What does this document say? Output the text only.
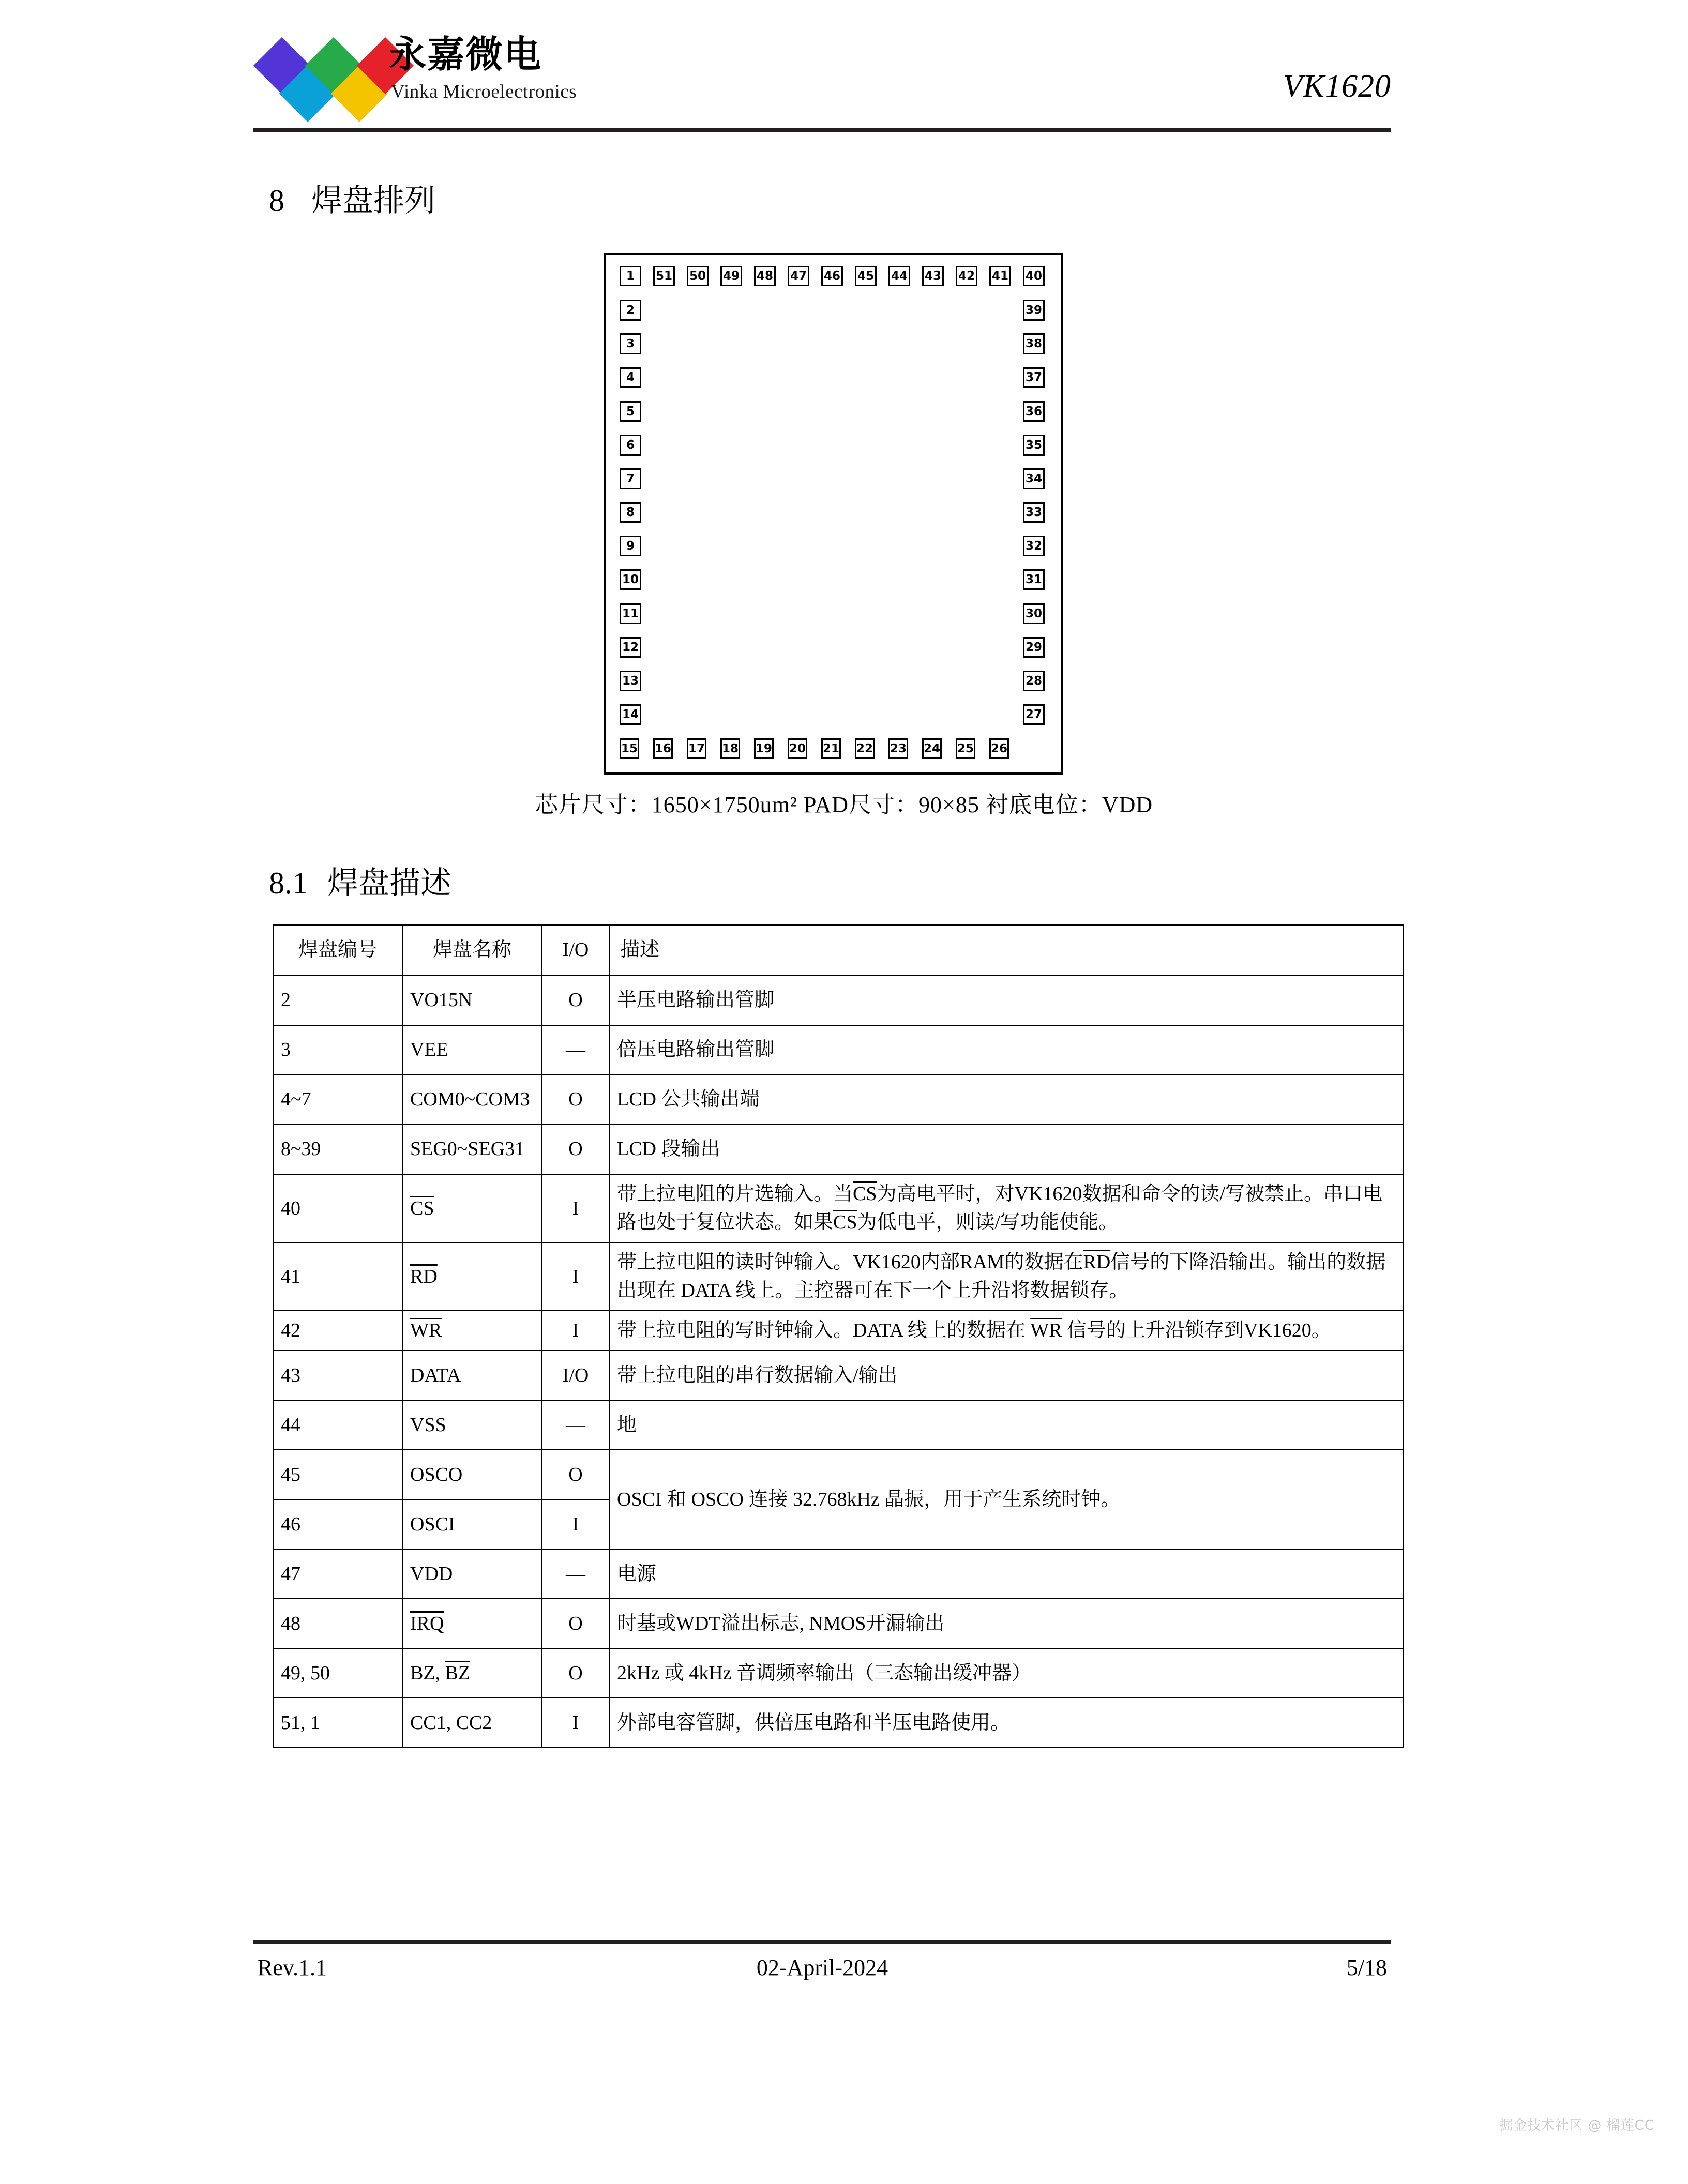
永嘉微电
Vinka Microelectronics	VK1620
8 焊盘排列
1	51 50 49 48 47 46 45 44 43 42 41 40
15 16 17 18 19 20 21 22 23 24 25 26
2
3
4
5
6
7
8
9
10
11
12
13
14
39
38
37
36
35
34
33
32
31
30
29
28
27
芯片尺寸：1650×1750um² PAD尺寸：90×85 衬底电位：VDD
8.1 焊盘描述
焊盘编号	焊盘名称	I/O	描述
2	VO15N	O	半压电路输出管脚
3	VEE	—	倍压电路输出管脚
4~7	COM0~COM3	O	LCD 公共输出端
8~39	SEG0~SEG31	O	LCD 段输出
40	$\overline{CS}$	I	带上拉电阻的片选输入。当$\overline{CS}$为高电平时，对VK1620数据和命令的读/写被禁止。串口电路也处于复位状态。如果$\overline{CS}$为低电平，则读/写功能使能。
41	$\overline{RD}$	I	带上拉电阻的读时钟输入。VK1620内部RAM的数据在$\overline{RD}$信号的下降沿输出。输出的数据出现在 DATA 线上。主控器可在下一个上升沿将数据锁存。
42	$\overline{WR}$	I	带上拉电阻的写时钟输入。DATA 线上的数据在 $\overline{WR}$ 信号的上升沿锁存到VK1620。
43	DATA	I/O	带上拉电阻的串行数据输入/输出
44	VSS	—	地
45	OSCO	O	OSCI 和 OSCO 连接 32.768kHz 晶振，用于产生系统时钟。
46	OSCI	I	
47	VDD	—	电源
48	$\overline{IRQ}$	O	时基或WDT溢出标志, NMOS开漏输出
49, 50	BZ, $\overline{BZ}$	O	2kHz 或 4kHz 音调频率输出（三态输出缓冲器）
51, 1	CC1, CC2	I	外部电容管脚，供倍压电路和半压电路使用。
Rev.1.1	02-April-2024	5/18
掘金技术社区 @ 榴莲CC
